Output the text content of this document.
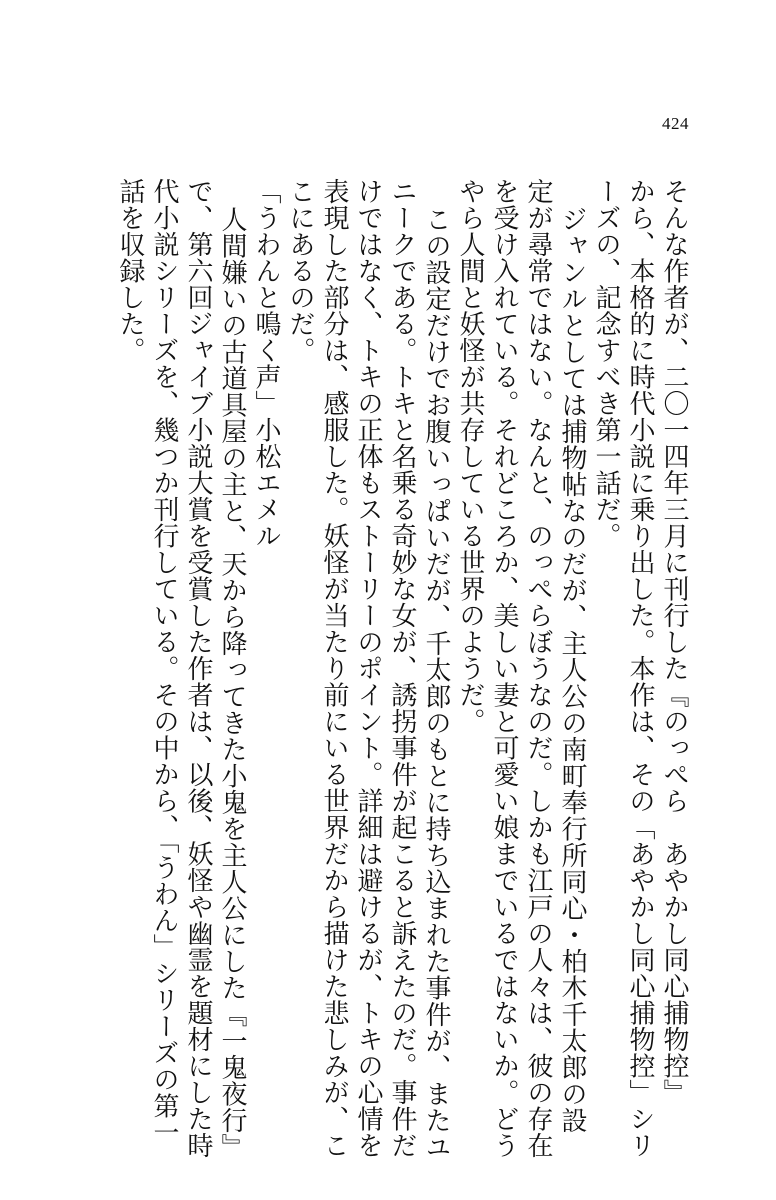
424
そんな作者が、二〇一四年三月に刊行した『のっぺら　あやかし同心捕物控』
から、本格的に時代小説に乗り出した。本作は、その「あやかし同心捕物控」シリ
ーズの、記念すべき第一話だ。
ジャンルとしては捕物帖なのだが、主人公の南町奉行所同心・柏木千太郎の設
定が尋常ではない。なんと、のっぺらぼうなのだ。しかも江戸の人々は、彼の存在
を受け入れている。それどころか、美しい妻と可愛い娘までいるではないか。どう
やら人間と妖怪が共存している世界のようだ。
この設定だけでお腹いっぱいだが、千太郎のもとに持ち込まれた事件が、またユ
ニークである。トキと名乗る奇妙な女が、誘拐事件が起こると訴えたのだ。事件だ
けではなく、トキの正体もストーリーのポイント。詳細は避けるが、トキの心情を
表現した部分は、感服した。妖怪が当たり前にいる世界だから描けた悲しみが、こ
こにあるのだ。
「うわんと鳴く声」小松エメル
人間嫌いの古道具屋の主と、天から降ってきた小鬼を主人公にした『一鬼夜行』
で、第六回ジャイブ小説大賞を受賞した作者は、以後、妖怪や幽霊を題材にした時
代小説シリーズを、幾つか刊行している。その中から、「うわん」シリーズの第一
話を収録した。
